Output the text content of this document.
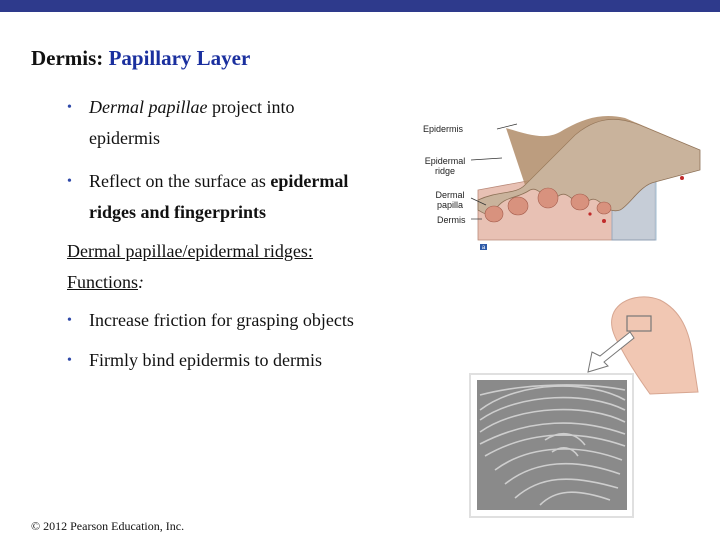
Dermis: Papillary Layer
• Dermal papillae project into
epidermis
• Reflect on the surface as epidermal
ridges and fingerprints
Dermal papillae/epidermal ridges:
Functions:
• Increase friction for grasping objects
• Firmly bind epidermis to dermis
© 2012 Pearson Education, Inc.
Epidermis
Epidermal
ridge
Dermal
papilla
Dermis
a
